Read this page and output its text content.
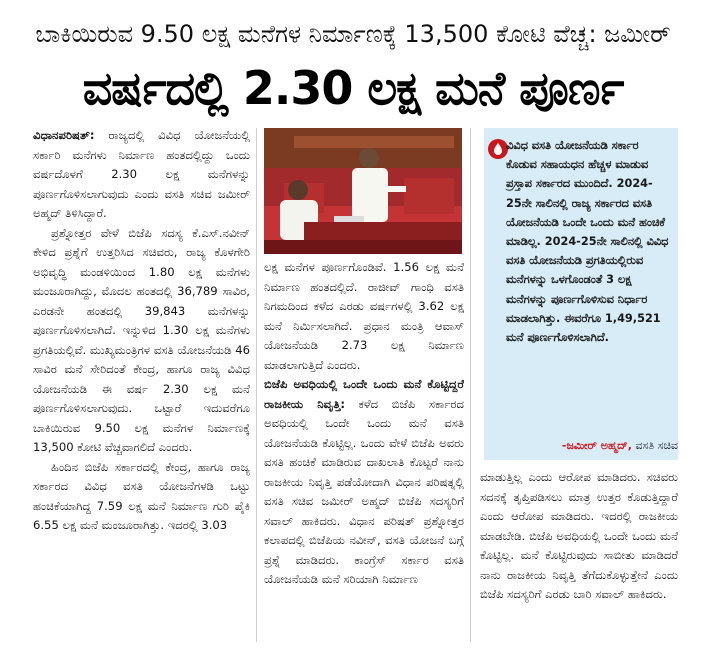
ಬಾಕಿಯಿರುವ 9.50 ಲಕ್ಷ ಮನೆಗಳ ನಿರ್ಮಾಣಕ್ಕೆ 13,500 ಕೋಟಿ ವೆಚ್ಚ: ಜಮೀರ್
ವರ್ಷದಲ್ಲಿ 2.30 ಲಕ್ಷ ಮನೆ ಪೂರ್ಣ

ವಿಧಾನಪರಿಷತ್: ರಾಜ್ಯದಲ್ಲಿ ವಿವಿಧ ಯೋಜನೆಯಲ್ಲಿ ಸರ್ಕಾರಿ ಮನೆಗಳು ನಿರ್ಮಾಣ ಹಂತದಲ್ಲಿದ್ದು ಒಂದು ವರ್ಷದೊಳಗೆ 2.30 ಲಕ್ಷ ಮನೆಗಳನ್ನು ಪೂರ್ಣಗೊಳಿಸಲಾಗುವುದು ಎಂದು ವಸತಿ ಸಚಿವ ಜಮೀರ್ ಅಹ್ಮದ್ ತಿಳಿಸಿದ್ದಾರೆ.

ಪ್ರಶ್ನೋತ್ತರ ವೇಳೆ ಬಿಜೆಪಿ ಸದಸ್ಯ ಕೆ.ಎಸ್.ನವೀನ್ ಕೇಳಿದ ಪ್ರಶ್ನೆಗೆ ಉತ್ತರಿಸಿದ ಸಚಿವರು, ರಾಜ್ಯ ಕೊಳಗೇರಿ ಅಭಿವೃದ್ಧಿ ಮಂಡಳಿಯಿಂದ 1.80 ಲಕ್ಷ ಮನೆಗಳು ಮಂಜೂರಾಗಿದ್ದು, ಮೊದಲ ಹಂತದಲ್ಲಿ 36,789 ಸಾವಿರ, ಎರಡನೇ ಹಂತದಲ್ಲಿ 39,843 ಮನೆಗಳನ್ನು ಪೂರ್ಣಗೊಳಿಸಲಾಗಿದೆ. ಇನ್ನುಳಿದ 1.30 ಲಕ್ಷ ಮನೆಗಳು ಪ್ರಗತಿಯಲ್ಲಿವೆ. ಮುಖ್ಯಮಂತ್ರಿಗಳ ವಸತಿ ಯೋಜನೆಯಡಿ 46 ಸಾವಿರ ಮನೆ ಸೇರಿದಂತೆ ಕೇಂದ್ರ, ಹಾಗೂ ರಾಜ್ಯ ವಿವಿಧ ಯೋಜನೆಯಡಿ ಈ ವರ್ಷ 2.30 ಲಕ್ಷ ಮನೆ ಪೂರ್ಣಗೊಳಿಸಲಾಗುವುದು. ಒಟ್ಟಾರೆ ಇದುವರೆಗೂ ಬಾಕಿಯಿರುವ 9.50 ಲಕ್ಷ ಮನೆಗಳ ನಿರ್ಮಾಣಕ್ಕೆ 13,500 ಕೋಟಿ ವೆಚ್ಚವಾಗಲಿದೆ ಎಂದರು.

ಹಿಂದಿನ ಬಿಜೆಪಿ ಸರ್ಕಾರದಲ್ಲಿ ಕೇಂದ್ರ, ಹಾಗೂ ರಾಜ್ಯ ಸರ್ಕಾರದ ವಿವಿಧ ವಸತಿ ಯೋಜನೆಗಳಡಿ ಒಟ್ಟು ಹಂಚಿಕೆಯಾಗಿದ್ದ 7.59 ಲಕ್ಷ ಮನೆ ನಿರ್ಮಾಣ ಗುರಿ ಪೈಕಿ 6.55 ಲಕ್ಷ ಮನೆ ಮಂಜೂರಾಗಿತ್ತು. ಇದರಲ್ಲಿ 3.03

ಲಕ್ಷ ಮನೆಗಳ ಪೂರ್ಣಗೊಂಡಿವೆ. 1.56 ಲಕ್ಷ ಮನೆ ನಿರ್ಮಾಣ ಹಂತದಲ್ಲಿದೆ. ರಾಜೀವ್ ಗಾಂಧಿ ವಸತಿ ನಿಗಮದಿಂದ ಕಳೆದ ಎರಡು ವರ್ಷಗಳಲ್ಲಿ 3.62 ಲಕ್ಷ ಮನೆ ನಿರ್ಮಿಸಲಾಗಿದೆ. ಪ್ರಧಾನ ಮಂತ್ರಿ ಆವಾಸ್ ಯೋಜನೆಯಡಿ 2.73 ಲಕ್ಷ ನಿರ್ಮಾಣ ಮಾಡಲಾಗುತ್ತಿದೆ ಎಂದರು.

ಬಿಜೆಪಿ ಅವಧಿಯಲ್ಲಿ ಒಂದೇ ಒಂದು ಮನೆ ಕೊಟ್ಟಿದ್ದರೆ ರಾಜಕೀಯ ನಿವೃತ್ತಿ: ಕಳೆದ ಬಿಜೆಪಿ ಸರ್ಕಾರದ ಅವಧಿಯಲ್ಲಿ ಒಂದೇ ಒಂದು ಮನೆ ವಸತಿ ಯೋಜನೆಯಡಿ ಕೊಟ್ಟಿಲ್ಲ. ಒಂದು ವೇಳೆ ಬಿಜೆಪಿ ಅವರು ವಸತಿ ಹಂಚಿಕೆ ಮಾಡಿರುವ ದಾಖಲಾತಿ ಕೊಟ್ಟರೆ ನಾನು ರಾಜಕೀಯ ನಿವೃತ್ತಿ ಪಡೆಯೋದಾಗಿ ವಿಧಾನ ಪರಿಷತ್ನಲ್ಲಿ ವಸತಿ ಸಚಿವ ಜಮೀರ್ ಅಹ್ಮದ್ ಬಿಜೆಪಿ ಸದಸ್ಯರಿಗೆ ಸವಾಲ್ ಹಾಕಿದರು. ವಿಧಾನ ಪರಿಷತ್ ಪ್ರಶ್ನೋತ್ತರ ಕಲಾಪದಲ್ಲಿ ಬಿಜೆಪಿಯ ನವೀನ್, ವಸತಿ ಯೋಜನೆ ಬಗ್ಗೆ ಪ್ರಶ್ನೆ ಮಾಡಿದರು. ಕಾಂಗ್ರೆಸ್ ಸರ್ಕಾರ ವಸತಿ ಯೋಜನೆಯಡಿ ಮನೆ ಸರಿಯಾಗಿ ನಿರ್ಮಾಣ

ವಿವಿಧ ವಸತಿ ಯೋಜನೆಯಡಿ ಸರ್ಕಾರ ಕೊಡುವ ಸಹಾಯಧನ ಹೆಚ್ಚಳ ಮಾಡುವ ಪ್ರಸ್ತಾಪ ಸರ್ಕಾರದ ಮುಂದಿದೆ. 2024-25ನೇ ಸಾಲಿನಲ್ಲಿ ರಾಜ್ಯ ಸರ್ಕಾರದ ವಸತಿ ಯೋಜನೆಯಡಿ ಒಂದೇ ಒಂದು ಮನೆ ಹಂಚಿಕೆ ಮಾಡಿಲ್ಲ. 2024-25ನೇ ಸಾಲಿನಲ್ಲಿ ವಿವಿಧ ವಸತಿ ಯೋಜನೆಯಡಿ ಪ್ರಗತಿಯಲ್ಲಿರುವ ಮನೆಗಳನ್ನು ಒಳಗೊಂಡಂತೆ 3 ಲಕ್ಷ ಮನೆಗಳನ್ನು ಪೂರ್ಣಗೊಳಿಸುವ ನಿರ್ಧಾರ ಮಾಡಲಾಗಿತ್ತು. ಈವರೆಗೂ 1,49,521 ಮನೆ ಪೂರ್ಣಗೊಳಿಸಲಾಗಿದೆ.
-ಜಮೀರ್ ಅಹ್ಮದ್, ವಸತಿ ಸಚಿವ

ಮಾಡುತ್ತಿಲ್ಲ ಎಂದು ಆರೋಪ ಮಾಡಿದರು. ಸಚಿವರು ಸದನಕ್ಕೆ ತೃಪ್ತಿಪಡಿಸಲು ಮಾತ್ರ ಉತ್ತರ ಕೊಡುತ್ತಿದ್ದಾರೆ ಎಂದು ಆರೋಪ ಮಾಡಿದರು. ಇದರಲ್ಲಿ ರಾಜಕೀಯ ಮಾಡಬೇಡಿ. ಬಿಜೆಪಿ ಅವಧಿಯಲ್ಲಿ ಒಂದೇ ಒಂದು ಮನೆ ಕೊಟ್ಟಿಲ್ಲ. ಮನೆ ಕೊಟ್ಟಿರುವುದು ಸಾಬೀತು ಮಾಡಿದರೆ ನಾನು ರಾಜಕೀಯ ನಿವೃತ್ತಿ ತೆಗೆದುಕೊಳ್ಳುತ್ತೇನೆ ಎಂದು ಬಿಜೆಪಿ ಸದಸ್ಯರಿಗೆ ಎರಡು ಬಾರಿ ಸವಾಲ್ ಹಾಕಿದರು.
